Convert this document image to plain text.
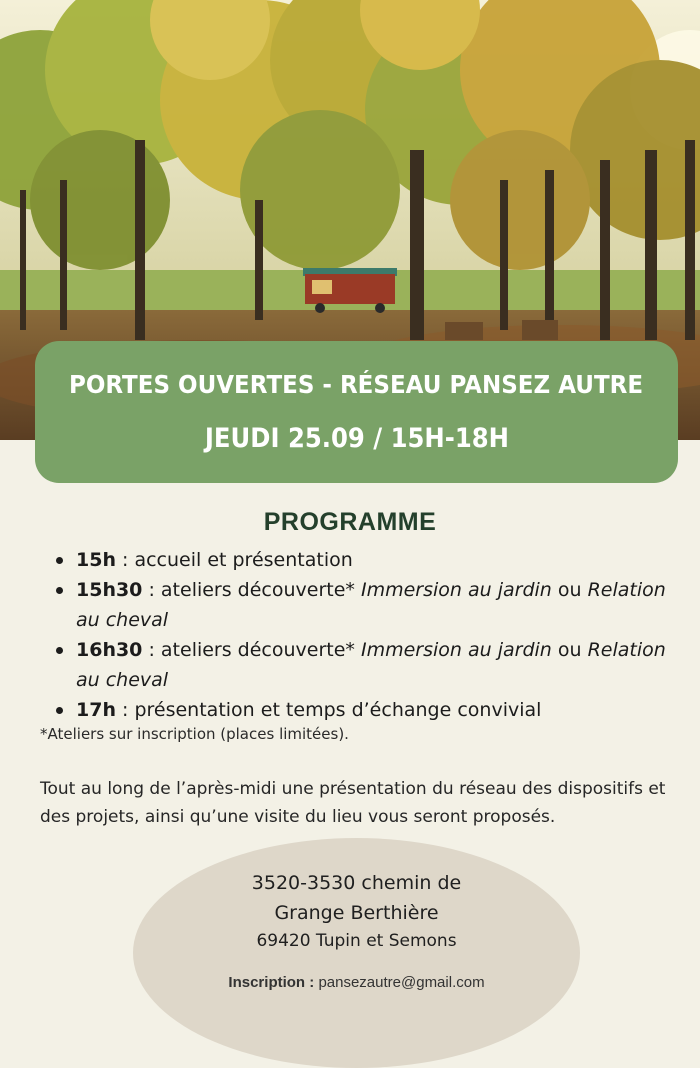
PORTES OUVERTES - RÉSEAU PANSEZ AUTRE
JEUDI 25.09 / 15H-18H
PROGRAMME
15h : accueil et présentation
15h30 : ateliers découverte* Immersion au jardin ou Relation au cheval
16h30 : ateliers découverte* Immersion au jardin ou Relation au cheval
17h : présentation et temps d’échange convivial
*Ateliers sur inscription (places limitées).
Tout au long de l’après-midi une présentation du réseau des dispositifs et des projets, ainsi qu’une visite du lieu vous seront proposés.
3520-3530 chemin de
Grange Berthière
69420 Tupin et Semons
Inscription : pansezautre@gmail.com
